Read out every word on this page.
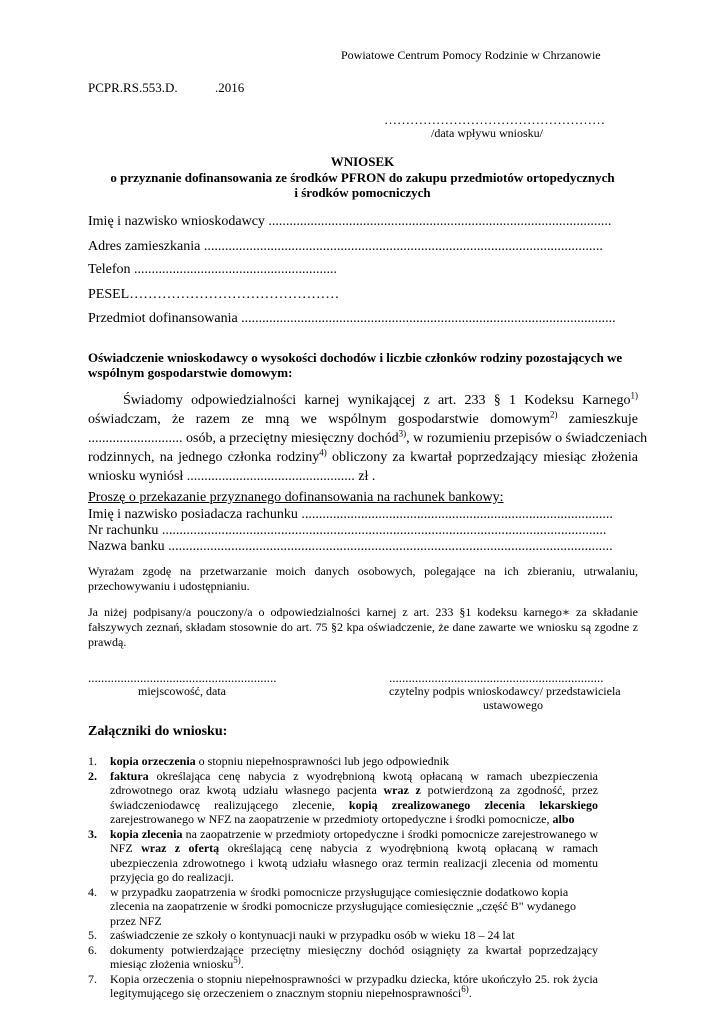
Powiatowe Centrum Pomocy Rodzinie w Chrzanowie
PCPR.RS.553.D.	.2016
……………………………………………
/data wpływu wniosku/
WNIOSEK
o przyznanie dofinansowania ze środków PFRON do zakupu przedmiotów ortopedycznych
i środków pomocniczych
Imię i nazwisko wnioskodawcy ..................................................................................................
Adres zamieszkania ..................................................................................................................
Telefon ..........................................................
PESEL………………………………………
Przedmiot dofinansowania ...........................................................................................................
Oświadczenie wnioskodawcy o wysokości dochodów i liczbie członków rodziny pozostających we
wspólnym gospodarstwie domowym:
Świadomy odpowiedzialności karnej wynikającej z art. 233 § 1 Kodeksu Karnego$^{1)}$
oświadczam, że razem ze mną we wspólnym gospodarstwie domowym$^{2)}$ zamieszkuje
........................... osób, a przeciętny miesięczny dochód$^{3)}$, w rozumieniu przepisów o świadczeniach
rodzinnych, na jednego członka rodziny$^{4)}$ obliczony za kwartał poprzedzający miesiąc złożenia
wniosku wyniósł ................................................ zł .
Proszę o przekazanie przyznanego dofinansowania na rachunek bankowy:
Imię i nazwisko posiadacza rachunku .........................................................................................
Nr rachunku ...............................................................................................................................
Nazwa banku ...............................................................................................................................
Wyrażam zgodę na przetwarzanie moich danych osobowych, polegające na ich zbieraniu, utrwalaniu, przechowywaniu i udostępnianiu.
Ja niżej podpisany/a pouczony/a o odpowiedzialności karnej z art. 233 §1 kodeksu karnego∗ za składanie fałszywych zeznań, składam stosownie do art. 75 §2 kpa oświadczenie, że dane zawarte we wniosku są zgodne z prawdą.
..........................................................
miejscowość, data
..................................................................
czytelny podpis wnioskodawcy/ przedstawiciela
ustawowego
Załączniki do wniosku:
1. kopia orzeczenia o stopniu niepełnosprawności lub jego odpowiednik
2. faktura określająca cenę nabycia z wyodrębnioną kwotą opłacaną w ramach ubezpieczenia zdrowotnego oraz kwotą udziału własnego pacjenta wraz z potwierdzoną za zgodność, przez świadczeniodawcę realizującego zlecenie, kopią zrealizowanego zlecenia lekarskiego zarejestrowanego w NFZ na zaopatrzenie w przedmioty ortopedyczne i środki pomocnicze, albo
3. kopia zlecenia na zaopatrzenie w przedmioty ortopedyczne i środki pomocnicze zarejestrowanego w NFZ wraz z ofertą określającą cenę nabycia z wyodrębnioną kwotą opłacaną w ramach ubezpieczenia zdrowotnego i kwotą udziału własnego oraz termin realizacji zlecenia od momentu przyjęcia go do realizacji.
4. w przypadku zaopatrzenia w środki pomocnicze przysługujące comiesięcznie dodatkowo kopia zlecenia na zaopatrzenie w środki pomocnicze przysługujące comiesięcznie „część B" wydanego przez NFZ
5. zaświadczenie ze szkoły o kontynuacji nauki w przypadku osób w wieku 18 – 24 lat
6. dokumenty potwierdzające przeciętny miesięczny dochód osiągnięty za kwartał poprzedzający miesiąc złożenia wniosku$^{5)}$.
7. Kopia orzeczenia o stopniu niepełnosprawności w przypadku dziecka, które ukończyło 25. rok życia legitymującego się orzeczeniem o znacznym stopniu niepełnosprawności$^{6)}$.
